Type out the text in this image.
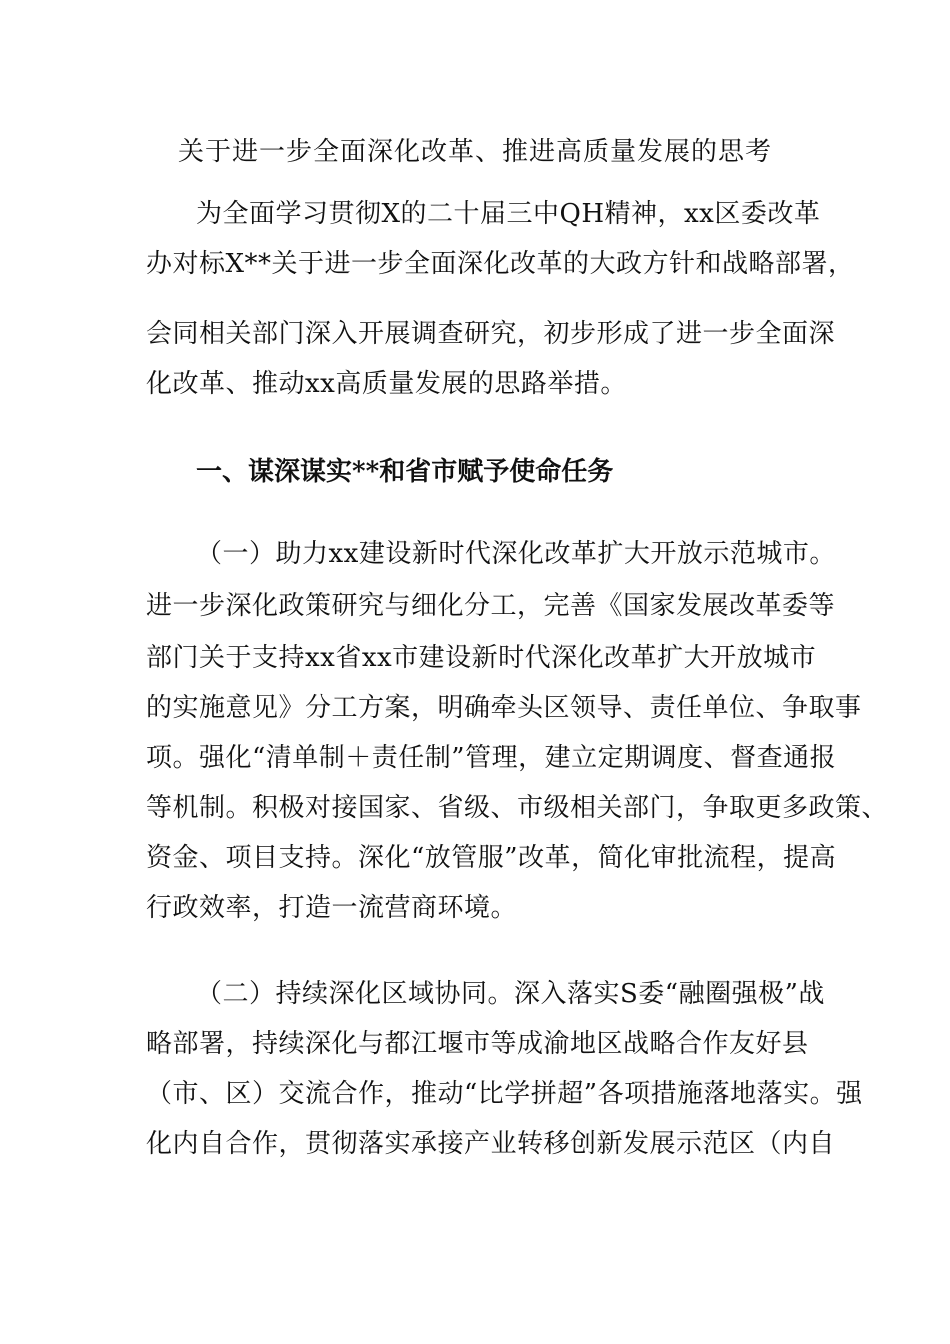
关于进一步全面深化改革、推进高质量发展的思考
为全面学习贯彻X的二十届三中QH精神，xx区委改革
办对标X**关于进一步全面深化改革的大政方针和战略部署，
会同相关部门深入开展调查研究，初步形成了进一步全面深
化改革、推动xx高质量发展的思路举措。
一、谋深谋实**和省市赋予使命任务
（一）助力xx建设新时代深化改革扩大开放示范城市。
进一步深化政策研究与细化分工，完善《国家发展改革委等
部门关于支持xx省xx市建设新时代深化改革扩大开放城市
的实施意见》分工方案，明确牵头区领导、责任单位、争取事
项。强化“清单制＋责任制”管理，建立定期调度、督查通报
等机制。积极对接国家、省级、市级相关部门，争取更多政策、
资金、项目支持。深化“放管服”改革，简化审批流程，提高
行政效率，打造一流营商环境。
（二）持续深化区域协同。深入落实S委“融圈强极”战
略部署，持续深化与都江堰市等成渝地区战略合作友好县
（市、区）交流合作，推动“比学拼超”各项措施落地落实。强
化内自合作，贯彻落实承接产业转移创新发展示范区（内自
